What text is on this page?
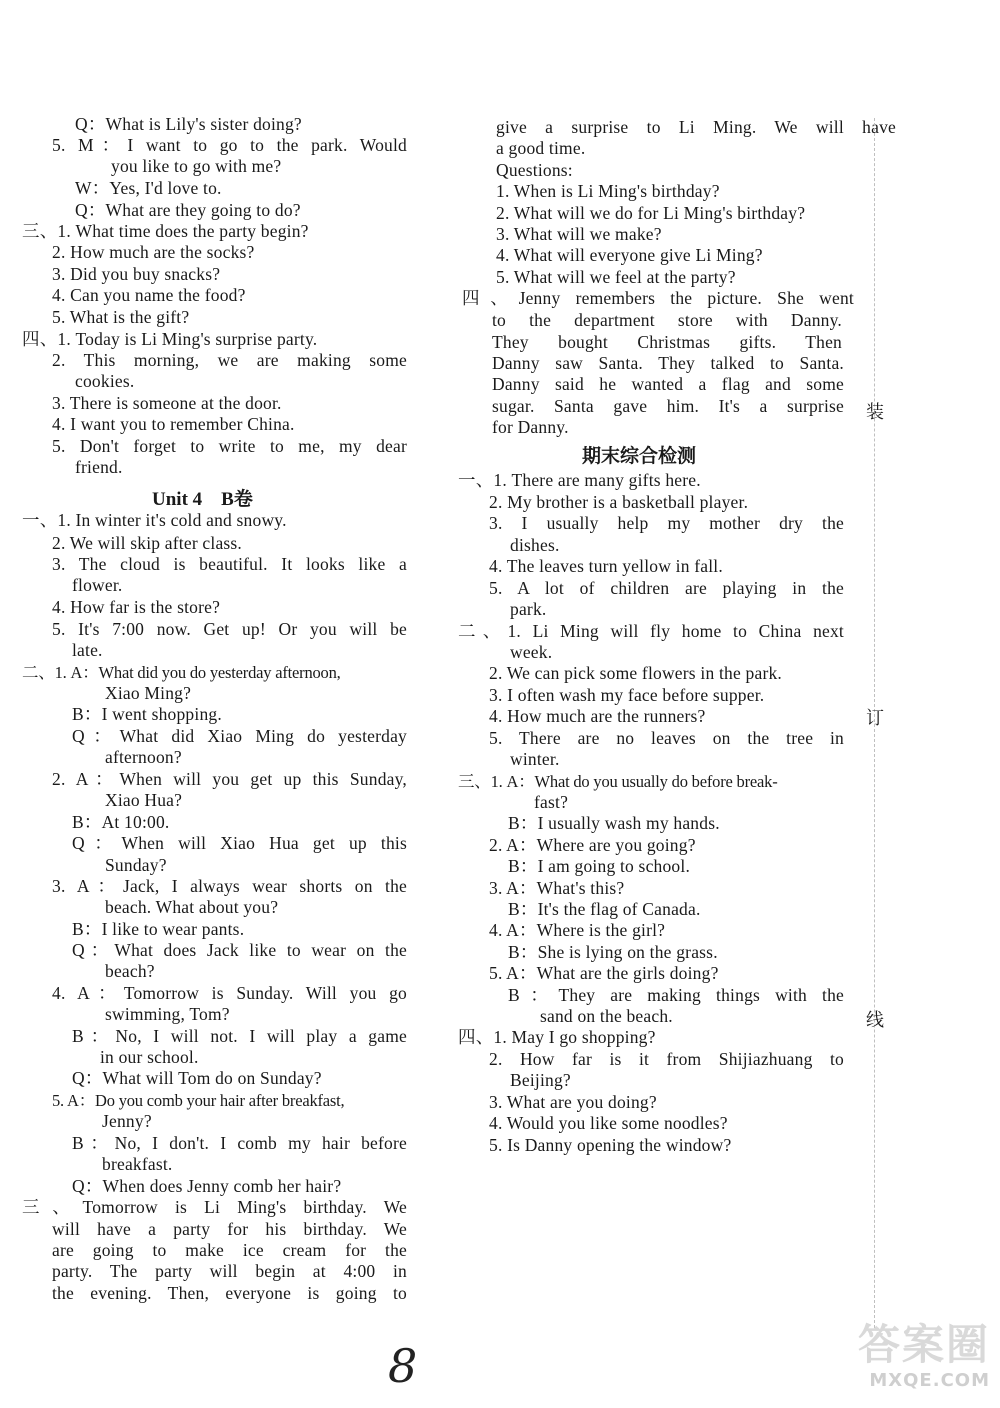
Q：What is Lily's sister doing?
5. M：I want to go to the park. Would
you like to go with me?
W：Yes, I'd love to.
Q：What are they going to do?
三、1. What time does the party begin?
2. How much are the socks?
3. Did you buy snacks?
4. Can you name the food?
5. What is the gift?
四、1. Today is Li Ming's surprise party.
2. This morning, we are making some
cookies.
3. There is someone at the door.
4. I want you to remember China.
5. Don't forget to write to me, my dear
friend.
Unit 4　B卷
一、1. In winter it's cold and snowy.
2. We will skip after class.
3. The cloud is beautiful. It looks like a
flower.
4. How far is the store?
5. It's 7:00 now. Get up! Or you will be
late.
二、1. A：What did you do yesterday afternoon,
Xiao Ming?
B：I went shopping.
Q：What did Xiao Ming do yesterday
afternoon?
2. A：When will you get up this Sunday,
Xiao Hua?
B：At 10:00.
Q：When will Xiao Hua get up this
Sunday?
3. A：Jack, I always wear shorts on the
beach. What about you?
B：I like to wear pants.
Q：What does Jack like to wear on the
beach?
4. A：Tomorrow is Sunday. Will you go
swimming, Tom?
B：No, I will not. I will play a game
in our school.
Q：What will Tom do on Sunday?
5. A：Do you comb your hair after breakfast,
Jenny?
B：No, I don't. I comb my hair before
breakfast.
Q：When does Jenny comb her hair?
三、Tomorrow is Li Ming's birthday. We
will have a party for his birthday. We
are going to make ice cream for the
party. The party will begin at 4:00 in
the evening. Then, everyone is going to
give a surprise to Li Ming. We will have
a good time.
Questions:
1. When is Li Ming's birthday?
2. What will we do for Li Ming's birthday?
3. What will we make?
4. What will everyone give Li Ming?
5. What will we feel at the party?
四、Jenny remembers the picture. She went
to the department store with Danny.
They bought Christmas gifts. Then
Danny saw Santa. They talked to Santa.
Danny said he wanted a flag and some
sugar. Santa gave him. It's a surprise
for Danny.
期末综合检测
一、1. There are many gifts here.
2. My brother is a basketball player.
3. I usually help my mother dry the
dishes.
4. The leaves turn yellow in fall.
5. A lot of children are playing in the
park.
二、1. Li Ming will fly home to China next
week.
2. We can pick some flowers in the park.
3. I often wash my face before supper.
4. How much are the runners?
5. There are no leaves on the tree in
winter.
三、1. A：What do you usually do before break-
fast?
B：I usually wash my hands.
2. A：Where are you going?
B：I am going to school.
3. A：What's this?
B：It's the flag of Canada.
4. A：Where is the girl?
B：She is lying on the grass.
5. A：What are the girls doing?
B：They are making things with the
sand on the beach.
四、1. May I go shopping?
2. How far is it from Shijiazhuang to
Beijing?
3. What are you doing?
4. Would you like some noodles?
5. Is Danny opening the window?
装
订
线
8	答案圈
MXQE.COM
